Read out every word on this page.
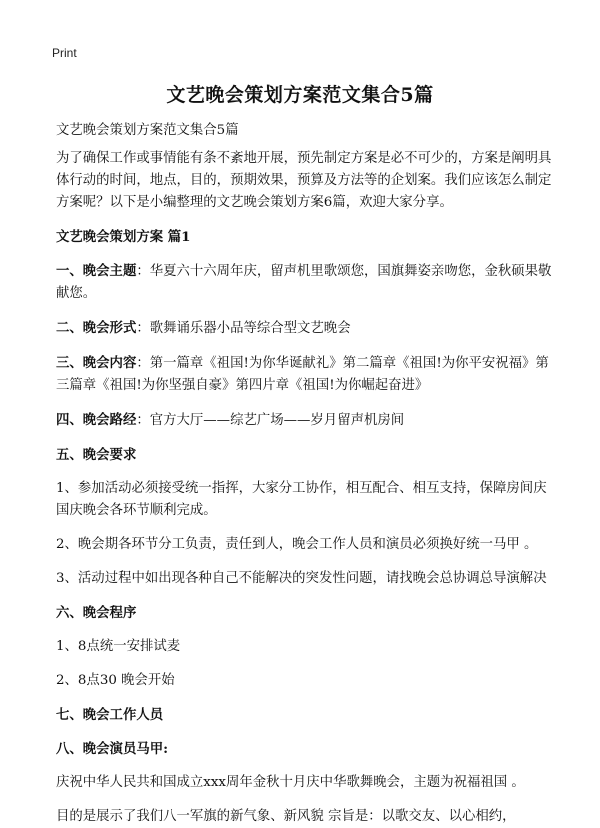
Print
文艺晚会策划方案范文集合5篇

文艺晚会策划方案范文集合5篇

为了确保工作或事情能有条不紊地开展，预先制定方案是必不可少的，方案是阐明具体行动的时间，地点，目的，预期效果，预算及方法等的企划案。我们应该怎么制定方案呢？以下是小编整理的文艺晚会策划方案6篇，欢迎大家分享。

文艺晚会策划方案 篇1

一、晚会主题：华夏六十六周年庆，留声机里歌颂您，国旗舞姿亲吻您，金秋硕果敬献您。

二、晚会形式：歌舞诵乐器小品等综合型文艺晚会

三、晚会内容：第一篇章《祖国!为你华诞献礼》第二篇章《祖国!为你平安祝福》第三篇章《祖国!为你坚强自豪》第四片章《祖国!为你崛起奋进》

四、晚会路经：官方大厅——综艺广场——岁月留声机房间

五、晚会要求

1、参加活动必须接受统一指挥，大家分工协作，相互配合、相互支持，保障房间庆国庆晚会各环节顺利完成。

2、晚会期各环节分工负责，责任到人，晚会工作人员和演员必须换好统一马甲 。

3、活动过程中如出现各种自己不能解决的突发性问题，请找晚会总协调总导演解决

六、晚会程序

1、8点统一安排试麦

2、8点30 晚会开始

七、晚会工作人员

八、晚会演员马甲:

庆祝中华人民共和国成立xxx周年金秋十月庆中华歌舞晚会，主题为祝福祖国 。

目的是展示了我们八一军旗的新气象、新风貌 宗旨是：以歌交友、以心相约，
